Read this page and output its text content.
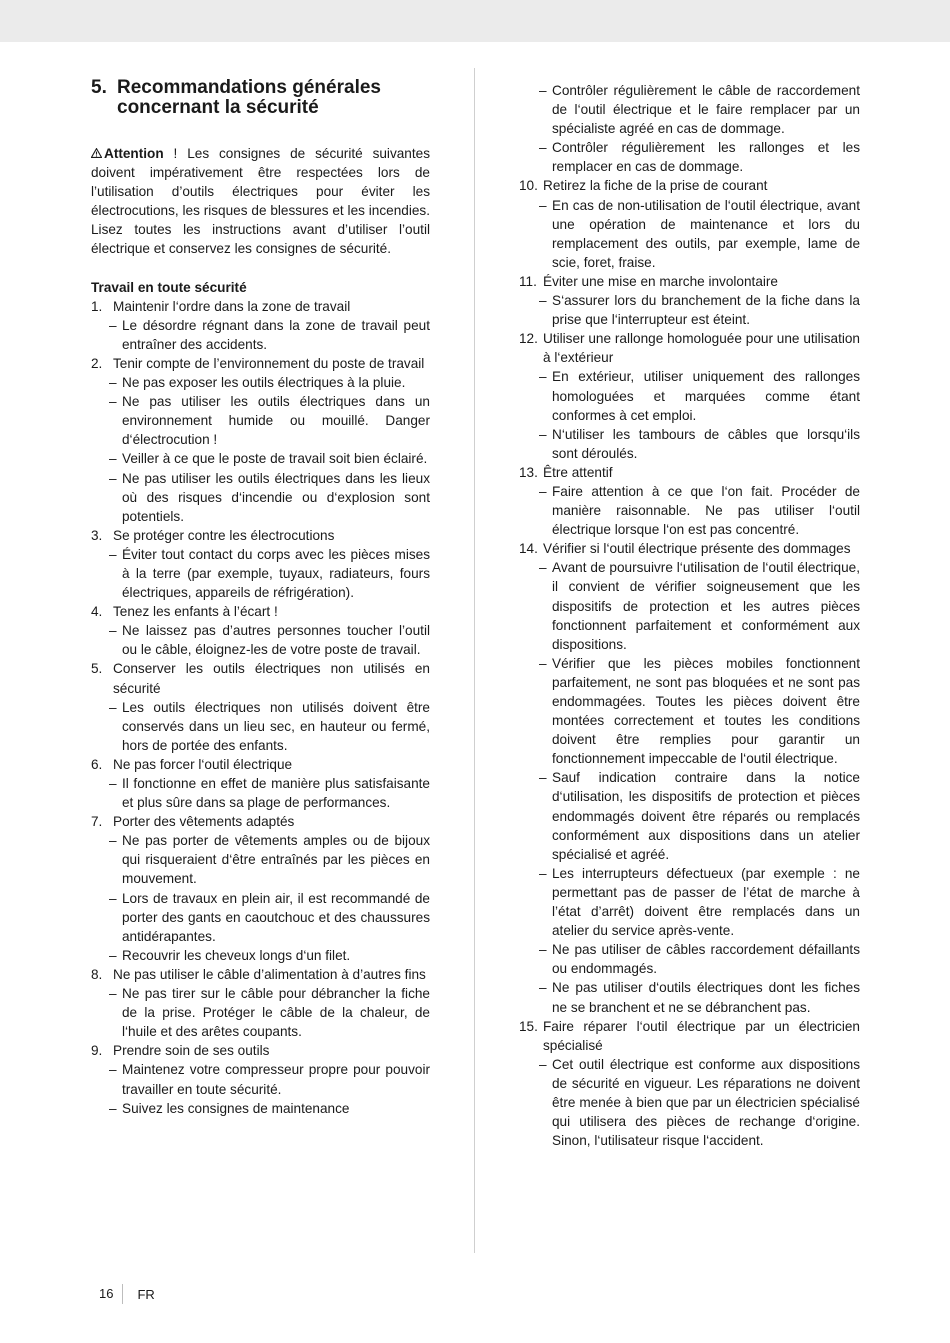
5. Recommandations générales
concernant la sécurité

Attention ! Les consignes de sécurité suivantes doivent impérativement être respectées lors de l’utilisation d’outils électriques pour éviter les électrocutions, les risques de blessures et les incendies. Lisez toutes les instructions avant d’utiliser l’outil électrique et conservez les consignes de sécurité.

Travail en toute sécurité

1. Maintenir l‘ordre dans la zone de travail
– Le désordre régnant dans la zone de travail peut entraîner des accidents.
2. Tenir compte de l’environnement du poste de travail
– Ne pas exposer les outils électriques à la pluie.
– Ne pas utiliser les outils électriques dans un environnement humide ou mouillé. Danger d‘électrocution !
– Veiller à ce que le poste de travail soit bien éclairé.
– Ne pas utiliser les outils électriques dans les lieux où des risques d‘incendie ou d‘explosion sont potentiels.
3. Se protéger contre les électrocutions
– Éviter tout contact du corps avec les pièces mises à la terre (par exemple, tuyaux, radiateurs, fours électriques, appareils de réfrigération).
4. Tenez les enfants à l’écart !
– Ne laissez pas d’autres personnes toucher l’outil ou le câble, éloignez-les de votre poste de travail.
5. Conserver les outils électriques non utilisés en sécurité
– Les outils électriques non utilisés doivent être conservés dans un lieu sec, en hauteur ou fermé, hors de portée des enfants.
6. Ne pas forcer l‘outil électrique
– Il fonctionne en effet de manière plus satisfaisante et plus sûre dans sa plage de performances.
7. Porter des vêtements adaptés
– Ne pas porter de vêtements amples ou de bijoux qui risqueraient d‘être entraînés par les pièces en mouvement.
– Lors de travaux en plein air, il est recommandé de porter des gants en caoutchouc et des chaussures antidérapantes.
– Recouvrir les cheveux longs d‘un filet.
8. Ne pas utiliser le câble d’alimentation à d’autres fins
– Ne pas tirer sur le câble pour débrancher la fiche de la prise. Protéger le câble de la chaleur, de l‘huile et des arêtes coupants.
9. Prendre soin de ses outils
– Maintenez votre compresseur propre pour pouvoir travailler en toute sécurité.
– Suivez les consignes de maintenance
– Contrôler régulièrement le câble de raccordement de l‘outil électrique et le faire remplacer par un spécialiste agréé en cas de dommage.
– Contrôler régulièrement les rallonges et les remplacer en cas de dommage.
10. Retirez la fiche de la prise de courant
– En cas de non-utilisation de l‘outil électrique, avant une opération de maintenance et lors du remplacement des outils, par exemple, lame de scie, foret, fraise.
11. Éviter une mise en marche involontaire
– S‘assurer lors du branchement de la fiche dans la prise que l‘interrupteur est éteint.
12. Utiliser une rallonge homologuée pour une utilisation à l‘extérieur
– En extérieur, utiliser uniquement des rallonges homologuées et marquées comme étant conformes à cet emploi.
– N‘utiliser les tambours de câbles que lorsqu‘ils sont déroulés.
13. Être attentif
– Faire attention à ce que l‘on fait. Procéder de manière raisonnable. Ne pas utiliser l‘outil électrique lorsque l‘on est pas concentré.
14. Vérifier si l‘outil électrique présente des dommages
– Avant de poursuivre l‘utilisation de l‘outil électrique, il convient de vérifier soigneusement que les dispositifs de protection et les autres pièces fonctionnent parfaitement et conformément aux dispositions.
– Vérifier que les pièces mobiles fonctionnent parfaitement, ne sont pas bloquées et ne sont pas endommagées. Toutes les pièces doivent être montées correctement et toutes les conditions doivent être remplies pour garantir un fonctionnement impeccable de l‘outil électrique.
– Sauf indication contraire dans la notice d‘utilisation, les dispositifs de protection et pièces endommagés doivent être réparés ou remplacés conformément aux dispositions dans un atelier spécialisé et agréé.
– Les interrupteurs défectueux (par exemple : ne permettant pas de passer de l’état de marche à l’état d’arrêt) doivent être remplacés dans un atelier du service après-vente.
– Ne pas utiliser de câbles raccordement défaillants ou endommagés.
– Ne pas utiliser d‘outils électriques dont les fiches ne se branchent et ne se débranchent pas.
15. Faire réparer l‘outil électrique par un électricien spécialisé
– Cet outil électrique est conforme aux dispositions de sécurité en vigueur. Les réparations ne doivent être menée à bien que par un électricien spécialisé qui utilisera des pièces de rechange d‘origine. Sinon, l‘utilisateur risque l‘accident.
16	FR
